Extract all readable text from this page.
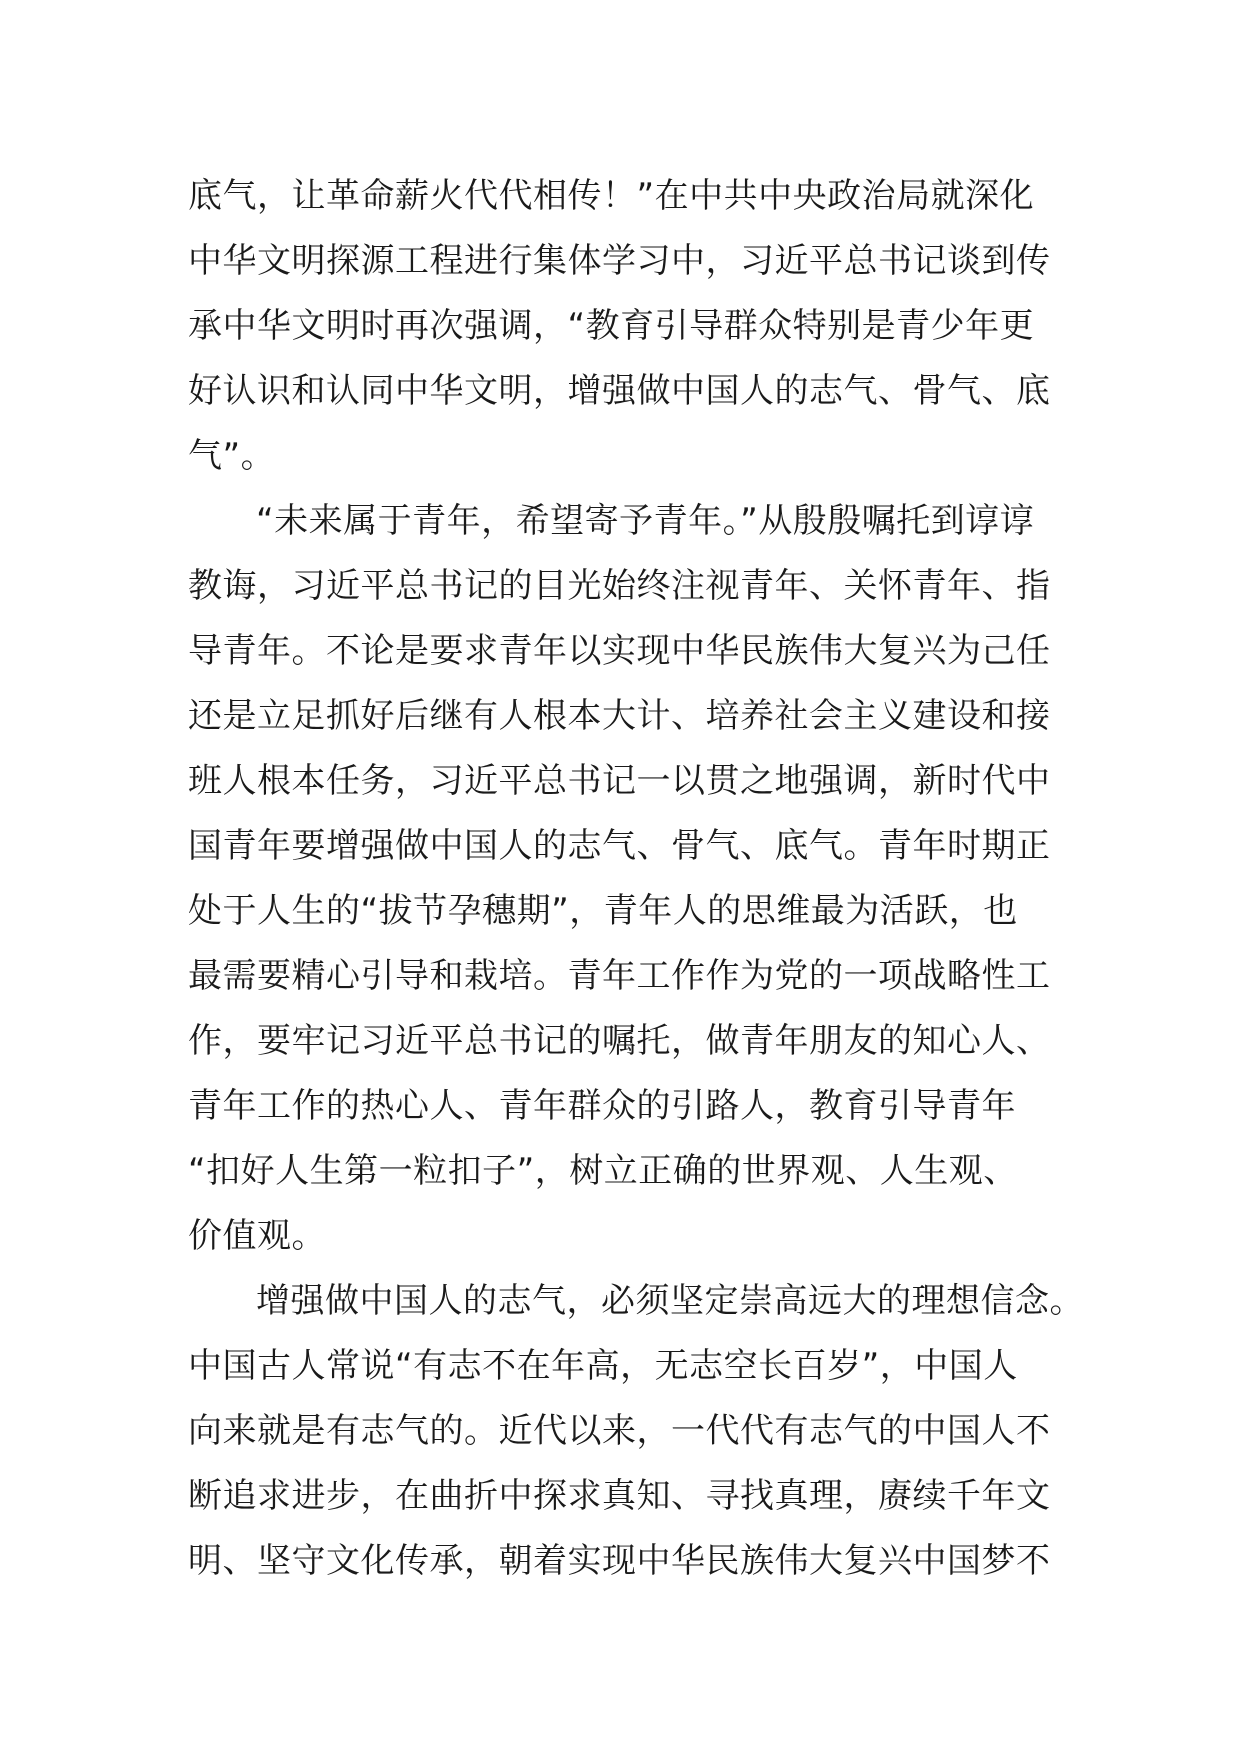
底气，让革命薪火代代相传！”在中共中央政治局就深化
中华文明探源工程进行集体学习中，习近平总书记谈到传
承中华文明时再次强调，“教育引导群众特别是青少年更
好认识和认同中华文明，增强做中国人的志气、骨气、底
气”。
“未来属于青年，希望寄予青年。”从殷殷嘱托到谆谆
教诲，习近平总书记的目光始终注视青年、关怀青年、指
导青年。不论是要求青年以实现中华民族伟大复兴为己任
还是立足抓好后继有人根本大计、培养社会主义建设和接
班人根本任务，习近平总书记一以贯之地强调，新时代中
国青年要增强做中国人的志气、骨气、底气。青年时期正
处于人生的“拔节孕穗期”，青年人的思维最为活跃，也
最需要精心引导和栽培。青年工作作为党的一项战略性工
作，要牢记习近平总书记的嘱托，做青年朋友的知心人、
青年工作的热心人、青年群众的引路人，教育引导青年
“扣好人生第一粒扣子”，树立正确的世界观、人生观、
价值观。
增强做中国人的志气，必须坚定崇高远大的理想信念。
中国古人常说“有志不在年高，无志空长百岁”，中国人
向来就是有志气的。近代以来，一代代有志气的中国人不
断追求进步，在曲折中探求真知、寻找真理，赓续千年文
明、坚守文化传承，朝着实现中华民族伟大复兴中国梦不
